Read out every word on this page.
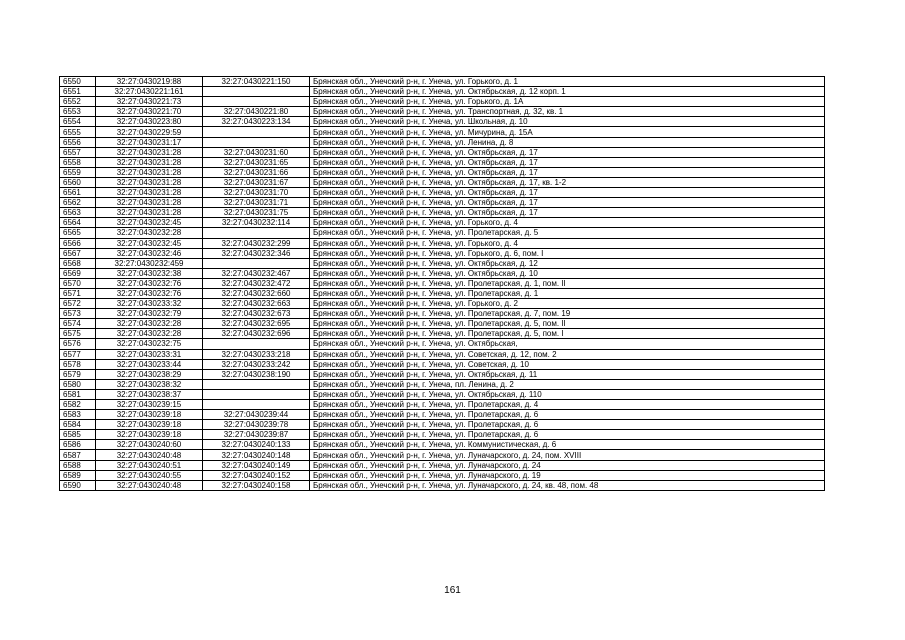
6550	32:27:0430219:88	32:27:0430221:150	Брянская обл., Унечский р-н, г. Унеча, ул. Горького, д. 1
6551	32:27:0430221:161		Брянская обл., Унечский р-н, г. Унеча, ул. Октябрьская, д. 12 корп. 1
6552	32:27:0430221:73		Брянская обл., Унечский р-н, г. Унеча, ул. Горького, д. 1А
6553	32:27:0430221:70	32:27:0430221:80	Брянская обл., Унечский р-н, г. Унеча, ул. Транспортная, д. 32, кв. 1
6554	32:27:0430223:80	32:27:0430223:134	Брянская обл., Унечский р-н, г. Унеча, ул. Школьная, д. 10
6555	32:27:0430229:59		Брянская обл., Унечский р-н, г. Унеча, ул. Мичурина, д. 15А
6556	32:27:0430231:17		Брянская обл., Унечский р-н, г. Унеча, ул. Ленина, д. 8
6557	32:27:0430231:28	32:27:0430231:60	Брянская обл., Унечский р-н, г. Унеча, ул. Октябрьская, д. 17
6558	32:27:0430231:28	32:27:0430231:65	Брянская обл., Унечский р-н, г. Унеча, ул. Октябрьская, д. 17
6559	32:27:0430231:28	32:27:0430231:66	Брянская обл., Унечский р-н, г. Унеча, ул. Октябрьская, д. 17
6560	32:27:0430231:28	32:27:0430231:67	Брянская обл., Унечский р-н, г. Унеча, ул. Октябрьская, д. 17, кв. 1-2
6561	32:27:0430231:28	32:27:0430231:70	Брянская обл., Унечский р-н, г. Унеча, ул. Октябрьская, д. 17
6562	32:27:0430231:28	32:27:0430231:71	Брянская обл., Унечский р-н, г. Унеча, ул. Октябрьская, д. 17
6563	32:27:0430231:28	32:27:0430231:75	Брянская обл., Унечский р-н, г. Унеча, ул. Октябрьская, д. 17
6564	32:27:0430232:45	32:27:0430232:114	Брянская обл., Унечский р-н, г. Унеча, ул. Горького, д. 4
6565	32:27:0430232:28		Брянская обл., Унечский р-н, г. Унеча, ул. Пролетарская, д. 5
6566	32:27:0430232:45	32:27:0430232:299	Брянская обл., Унечский р-н, г. Унеча, ул. Горького, д. 4
6567	32:27:0430232:46	32:27:0430232:346	Брянская обл., Унечский р-н, г. Унеча, ул. Горького, д. 6, пом. I
6568	32:27:0430232:459		Брянская обл., Унечский р-н, г. Унеча, ул. Октябрьская, д. 12
6569	32:27:0430232:38	32:27:0430232:467	Брянская обл., Унечский р-н, г. Унеча, ул. Октябрьская, д. 10
6570	32:27:0430232:76	32:27:0430232:472	Брянская обл., Унечский р-н, г. Унеча, ул. Пролетарская, д. 1, пом. II
6571	32:27:0430232:76	32:27:0430232:660	Брянская обл., Унечский р-н, г. Унеча, ул. Пролетарская, д. 1
6572	32:27:0430233:32	32:27:0430232:663	Брянская обл., Унечский р-н, г. Унеча, ул. Горького, д. 2
6573	32:27:0430232:79	32:27:0430232:673	Брянская обл., Унечский р-н, г. Унеча, ул. Пролетарская, д. 7, пом. 19
6574	32:27:0430232:28	32:27:0430232:695	Брянская обл., Унечский р-н, г. Унеча, ул. Пролетарская, д. 5, пом. II
6575	32:27:0430232:28	32:27:0430232:696	Брянская обл., Унечский р-н, г. Унеча, ул. Пролетарская, д. 5, пом. I
6576	32:27:0430232:75		Брянская обл., Унечский р-н, г. Унеча, ул. Октябрьская,
6577	32:27:0430233:31	32:27:0430233:218	Брянская обл., Унечский р-н, г. Унеча, ул. Советская, д. 12, пом. 2
6578	32:27:0430233:44	32:27:0430233:242	Брянская обл., Унечский р-н, г. Унеча, ул. Советская, д. 10
6579	32:27:0430238:29	32:27:0430238:190	Брянская обл., Унечский р-н, г. Унеча, ул. Октябрьская, д. 11
6580	32:27:0430238:32		Брянская обл., Унечский р-н, г. Унеча, пл. Ленина, д. 2
6581	32:27:0430238:37		Брянская обл., Унечский р-н, г. Унеча, ул. Октябрьская, д. 110
6582	32:27:0430239:15		Брянская обл., Унечский р-н, г. Унеча, ул. Пролетарская, д. 4
6583	32:27:0430239:18	32:27:0430239:44	Брянская обл., Унечский р-н, г. Унеча, ул. Пролетарская, д. 6
6584	32:27:0430239:18	32:27:0430239:78	Брянская обл., Унечский р-н, г. Унеча, ул. Пролетарская, д. 6
6585	32:27:0430239:18	32:27:0430239:87	Брянская обл., Унечский р-н, г. Унеча, ул. Пролетарская, д. 6
6586	32:27:0430240:60	32:27:0430240:133	Брянская обл., Унечский р-н, г. Унеча, ул. Коммунистическая, д. 6
6587	32:27:0430240:48	32:27:0430240:148	Брянская обл., Унечский р-н, г. Унеча, ул. Луначарского, д. 24, пом. XVIII
6588	32:27:0430240:51	32:27:0430240:149	Брянская обл., Унечский р-н, г. Унеча, ул. Луначарского, д. 24
6589	32:27:0430240:55	32:27:0430240:152	Брянская обл., Унечский р-н, г. Унеча, ул. Луначарского, д. 19
6590	32:27:0430240:48	32:27:0430240:158	Брянская обл., Унечский р-н, г. Унеча, ул. Луначарского, д. 24, кв. 48, пом. 48
161
